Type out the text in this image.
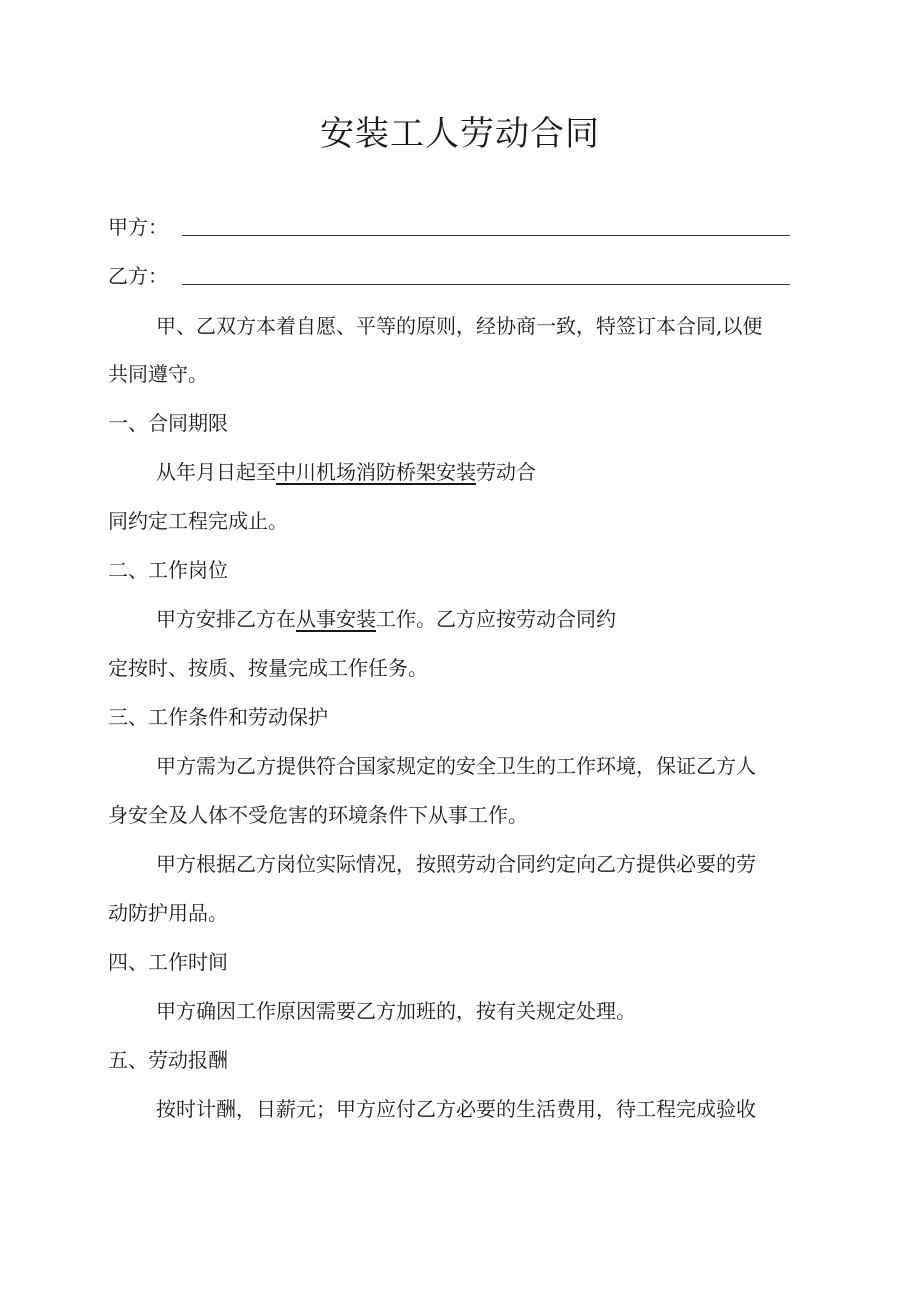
安装工人劳动合同
甲方：
乙方：
甲、乙双方本着自愿、平等的原则，经协商一致，特签订本合同,以便
共同遵守。
一、合同期限
从年月日起至中川机场消防桥架安装劳动合
同约定工程完成止。
二、工作岗位
甲方安排乙方在从事安装工作。乙方应按劳动合同约
定按时、按质、按量完成工作任务。
三、工作条件和劳动保护
甲方需为乙方提供符合国家规定的安全卫生的工作环境，保证乙方人
身安全及人体不受危害的环境条件下从事工作。
甲方根据乙方岗位实际情况，按照劳动合同约定向乙方提供必要的劳
动防护用品。
四、工作时间
甲方确因工作原因需要乙方加班的，按有关规定处理。
五、劳动报酬
按时计酬，日薪元；甲方应付乙方必要的生活费用，待工程完成验收
